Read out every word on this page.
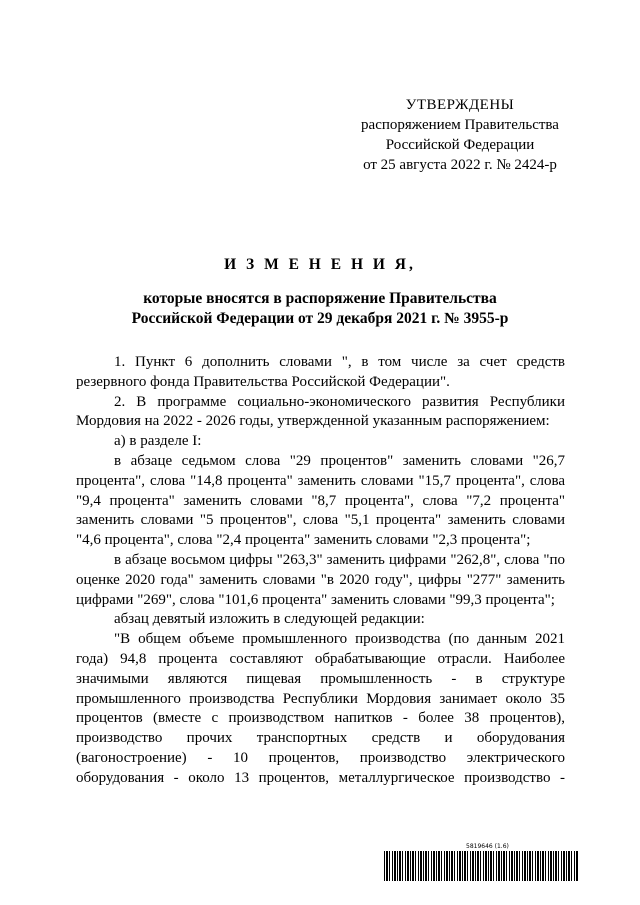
УТВЕРЖДЕНЫ
распоряжением Правительства
Российской Федерации
от 25 августа 2022 г. № 2424-р
И З М Е Н Е Н И Я,
которые вносятся в распоряжение Правительства
Российской Федерации от 29 декабря 2021 г. № 3955-р

1. Пункт 6 дополнить словами ", в том числе за счет средств резервного фонда Правительства Российской Федерации".

2. В программе социально-экономического развития Республики Мордовия на 2022 - 2026 годы, утвержденной указанным распоряжением:

а) в разделе I:

в абзаце седьмом слова "29 процентов" заменить словами "26,7 процента", слова "14,8 процента" заменить словами "15,7 процента", слова "9,4 процента" заменить словами "8,7 процента", слова "7,2 процента" заменить словами "5 процентов", слова "5,1 процента" заменить словами "4,6 процента", слова "2,4 процента" заменить словами "2,3 процента";

в абзаце восьмом цифры "263,3" заменить цифрами "262,8", слова "по оценке 2020 года" заменить словами "в 2020 году", цифры "277" заменить цифрами "269", слова "101,6 процента" заменить словами "99,3 процента";

абзац девятый изложить в следующей редакции:

"В общем объеме промышленного производства (по данным 2021 года) 94,8 процента составляют обрабатывающие отрасли. Наиболее значимыми являются пищевая промышленность - в структуре промышленного производства Республики Мордовия занимает около 35 процентов (вместе с производством напитков - более 38 процентов), производство прочих транспортных средств и оборудования (вагоностроение) - 10 процентов, производство электрического оборудования - около 13 процентов, металлургическое производство -

5819646 (1.6)
